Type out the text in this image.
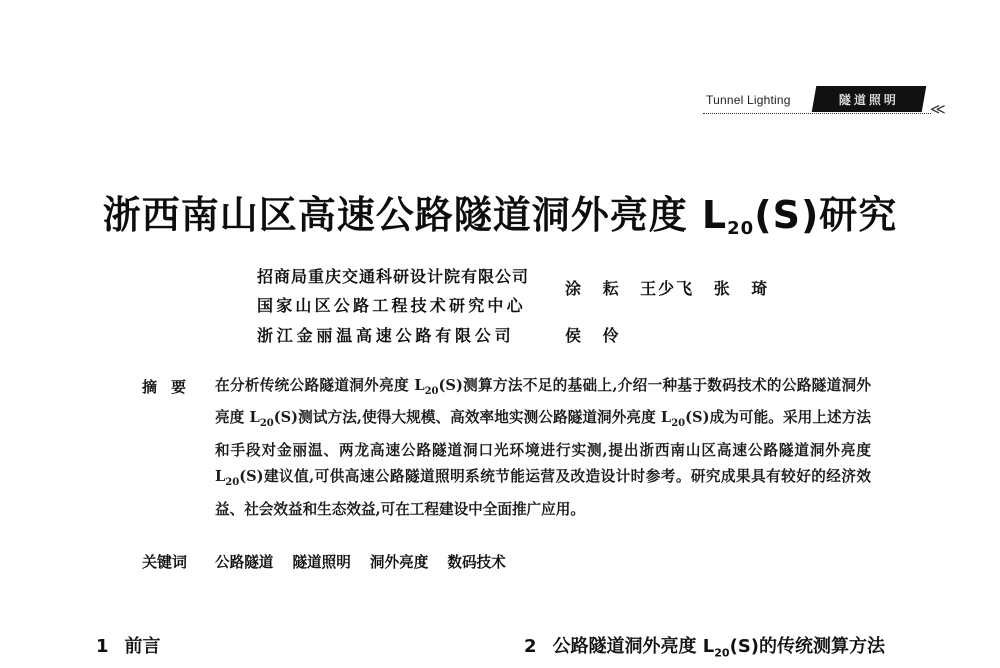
Tunnel Lighting	隧道照明
≪
浙西南山区高速公路隧道洞外亮度 $L_{20}(S)$研究
招商局重庆交通科研设计院有限公司
国家山区公路工程技术研究中心
浙江金丽温高速公路有限公司
涂 耘 王少飞 张 琦
侯 伶
摘要 在分析传统公路隧道洞外亮度 $L_{20}(S)$测算方法不足的基础上,介绍一种基于数码技术的公路隧道洞外亮度 $L_{20}(S)$测试方法,使得大规模、高效率地实测公路隧道洞外亮度 $L_{20}(S)$成为可能。采用上述方法和手段对金丽温、两龙高速公路隧道洞口光环境进行实测,提出浙西南山区高速公路隧道洞外亮度 $L_{20}(S)$建议值,可供高速公路隧道照明系统节能运营及改造设计时参考。研究成果具有较好的经济效益、社会效益和生态效益,可在工程建设中全面推广应用。
关键词 公路隧道 隧道照明 洞外亮度 数码技术
1 前言	2 公路隧道洞外亮度 $L_{20}(S)$的传统测算方法
